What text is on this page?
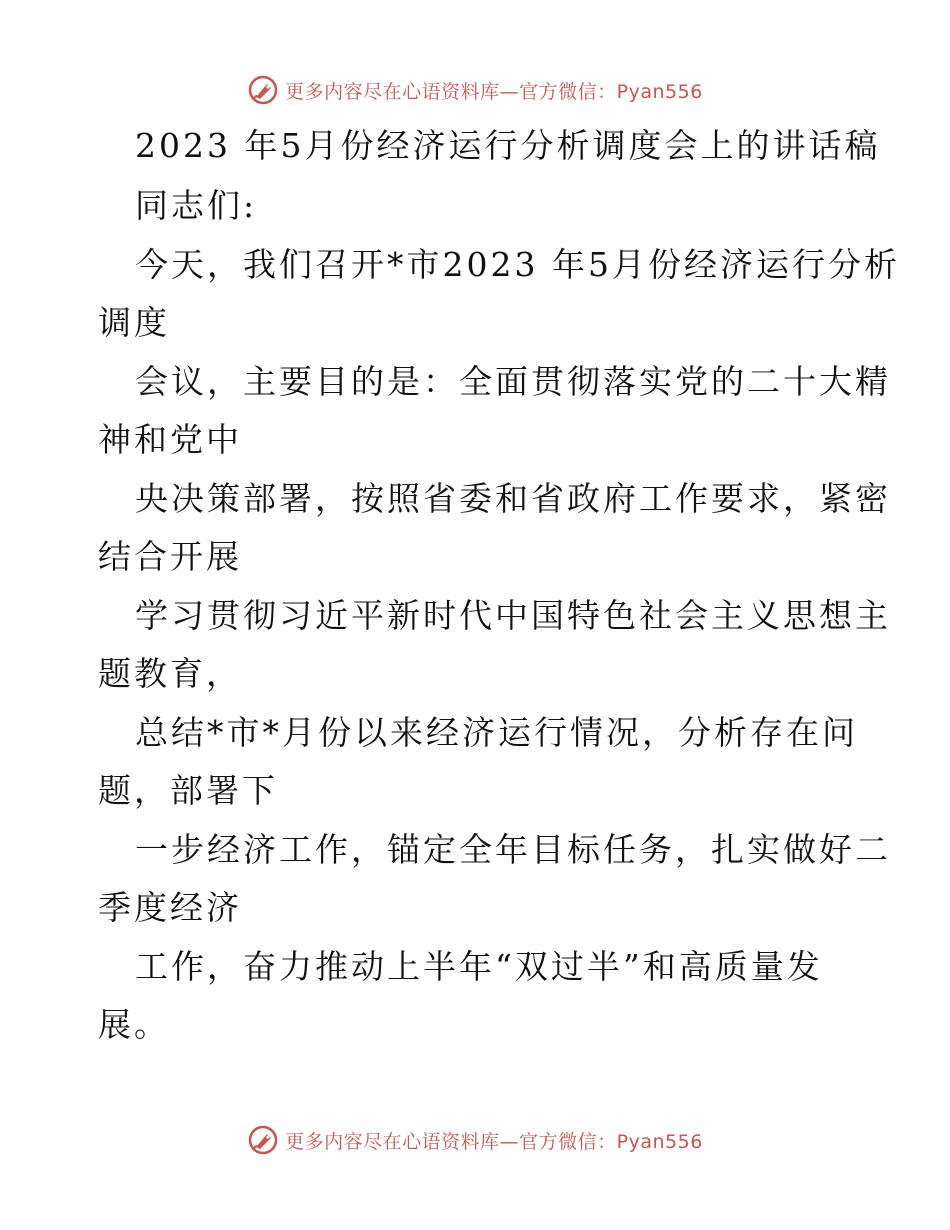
更多内容尽在心语资料库—官方微信：Pyan556
2023 年5月份经济运行分析调度会上的讲话稿
同志们:
今天，我们召开*市2023 年5月份经济运行分析
调度
会议，主要目的是：全面贯彻落实党的二十大精
神和党中
央决策部署，按照省委和省政府工作要求，紧密
结合开展
学习贯彻习近平新时代中国特色社会主义思想主
题教育，
总结*市*月份以来经济运行情况，分析存在问
题，部署下
一步经济工作，锚定全年目标任务，扎实做好二
季度经济
工作，奋力推动上半年“双过半”和高质量发
展。
更多内容尽在心语资料库—官方微信：Pyan556
